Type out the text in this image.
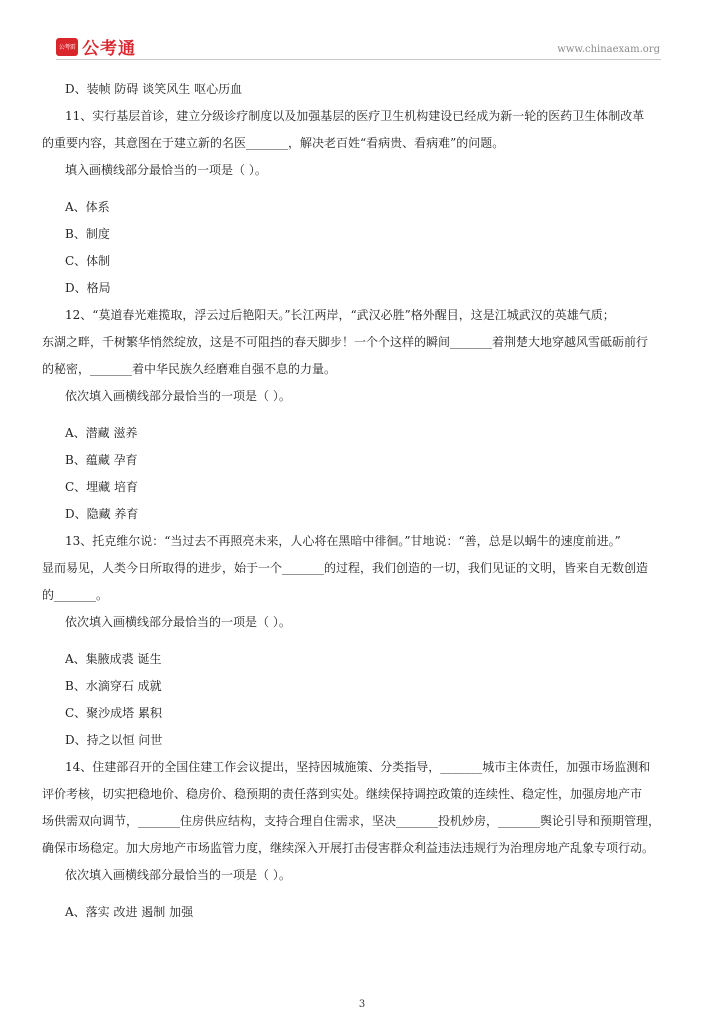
公考雷 公考通	www.chinaexam.org
D、装帧 防碍 谈笑风生 呕心历血
11、实行基层首诊，建立分级诊疗制度以及加强基层的医疗卫生机构建设已经成为新一轮的医药卫生体制改革
的重要内容，其意图在于建立新的名医_______，解决老百姓“看病贵、看病难”的问题。
填入画横线部分最恰当的一项是（ ）。
A、体系
B、制度
C、体制
D、格局
12、“莫道春光难揽取，浮云过后艳阳天。”长江两岸，“武汉必胜”格外醒目，这是江城武汉的英雄气质；
东湖之畔，千树繁华悄然绽放，这是不可阻挡的春天脚步！一个个这样的瞬间_______着荆楚大地穿越风雪砥砺前行
的秘密，_______着中华民族久经磨难自强不息的力量。
依次填入画横线部分最恰当的一项是（ ）。
A、潜藏 滋养
B、蕴藏 孕育
C、埋藏 培育
D、隐藏 养育
13、托克维尔说：“当过去不再照亮未来，人心将在黑暗中徘徊。”甘地说：“善，总是以蜗牛的速度前进。”
显而易见，人类今日所取得的进步，始于一个_______的过程，我们创造的一切，我们见证的文明，皆来自无数创造
的_______。
依次填入画横线部分最恰当的一项是（ ）。
A、集腋成裘 诞生
B、水滴穿石 成就
C、聚沙成塔 累积
D、持之以恒 问世
14、住建部召开的全国住建工作会议提出，坚持因城施策、分类指导，_______城市主体责任，加强市场监测和
评价考核，切实把稳地价、稳房价、稳预期的责任落到实处。继续保持调控政策的连续性、稳定性，加强房地产市
场供需双向调节，_______住房供应结构，支持合理自住需求，坚决_______投机炒房，_______舆论引导和预期管理，
确保市场稳定。加大房地产市场监管力度，继续深入开展打击侵害群众利益违法违规行为治理房地产乱象专项行动。
依次填入画横线部分最恰当的一项是（ ）。
A、落实 改进 遏制 加强
3
